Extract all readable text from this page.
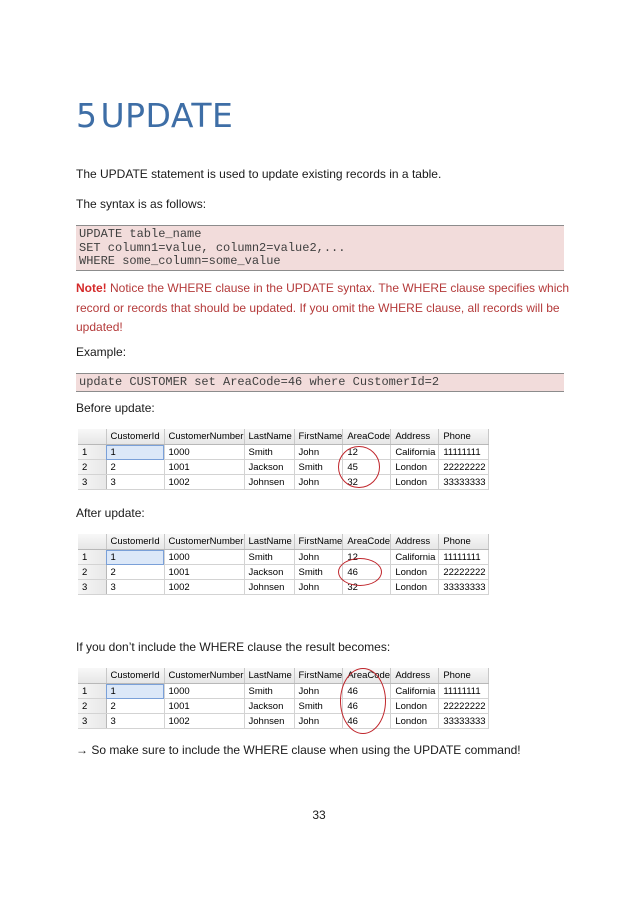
5UPDATE

The UPDATE statement is used to update existing records in a table.

The syntax is as follows:

UPDATE table_name
SET column1=value, column2=value2,...
WHERE some_column=some_value

Note! Notice the WHERE clause in the UPDATE syntax. The WHERE clause specifies which record or records that should be updated. If you omit the WHERE clause, all records will be updated!

Example:

update CUSTOMER set AreaCode=46 where CustomerId=2

Before update:

	CustomerId	CustomerNumber	LastName	FirstName	AreaCode	Address	Phone
1	1	1000	Smith	John	12	California	11111111
2	2	1001	Jackson	Smith	45	London	22222222
3	3	1002	Johnsen	John	32	London	33333333

After update:

	CustomerId	CustomerNumber	LastName	FirstName	AreaCode	Address	Phone
1	1	1000	Smith	John	12	California	11111111
2	2	1001	Jackson	Smith	46	London	22222222
3	3	1002	Johnsen	John	32	London	33333333

If you don’t include the WHERE clause the result becomes:

	CustomerId	CustomerNumber	LastName	FirstName	AreaCode	Address	Phone
1	1	1000	Smith	John	46	California	11111111
2	2	1001	Jackson	Smith	46	London	22222222
3	3	1002	Johnsen	John	46	London	33333333

→ So make sure to include the WHERE clause when using the UPDATE command!

33
